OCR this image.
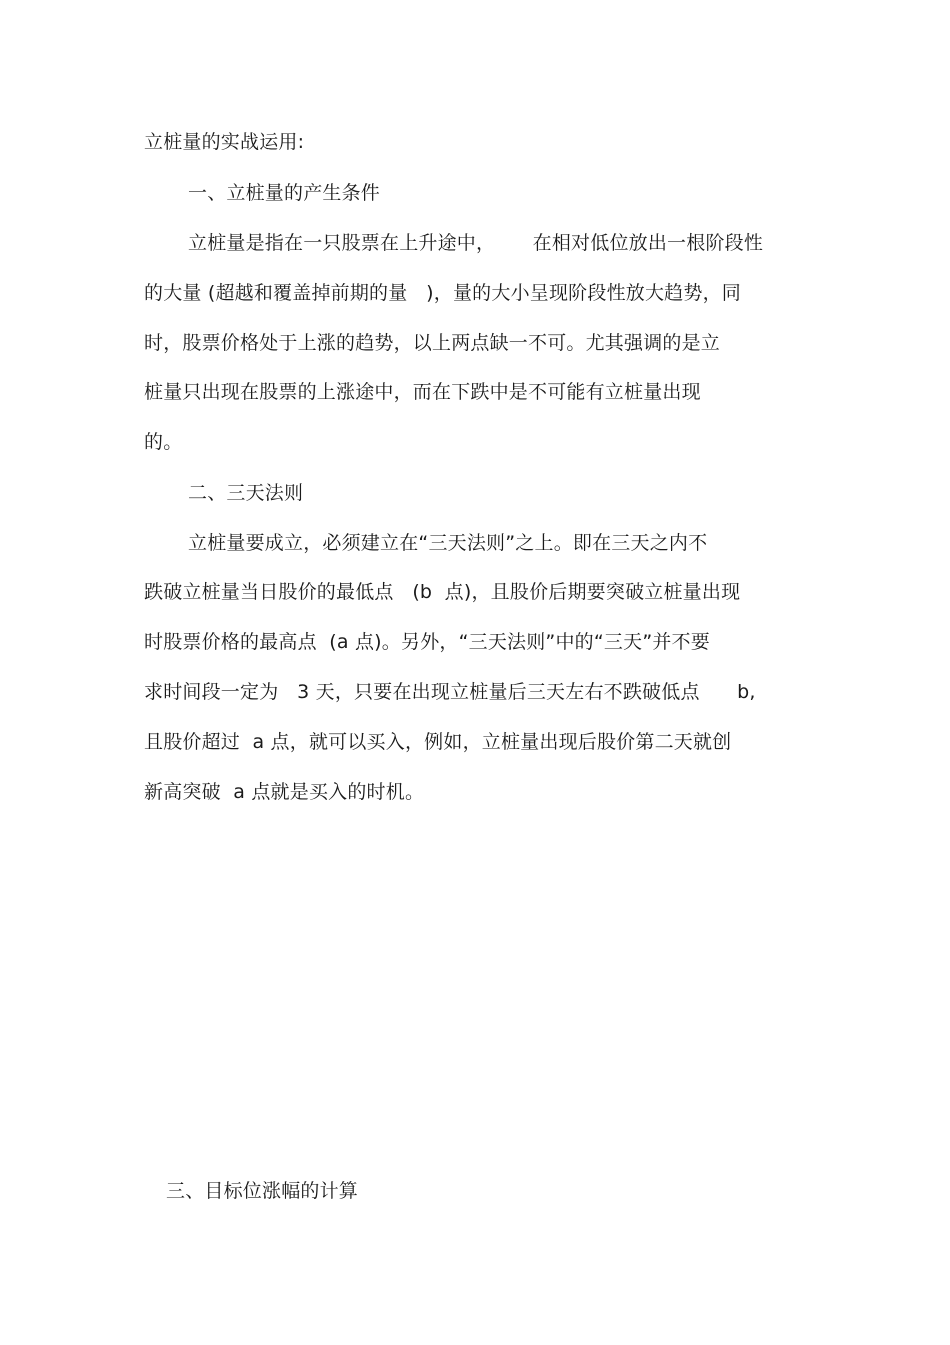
立桩量的实战运用:
一、立桩量的产生条件
立桩量是指在一只股票在上升途中，      在相对低位放出一根阶段性
的大量 (超越和覆盖掉前期的量   )，量的大小呈现阶段性放大趋势，同
时，股票价格处于上涨的趋势，以上两点缺一不可。尤其强调的是立
桩量只出现在股票的上涨途中，而在下跌中是不可能有立桩量出现
的。
二、三天法则
立桩量要成立，必须建立在“三天法则”之上。即在三天之内不
跌破立桩量当日股价的最低点   (b  点)，且股价后期要突破立桩量出现
时股票价格的最高点  (a 点)。另外，“三天法则”中的“三天”并不要
求时间段一定为   3 天，只要在出现立桩量后三天左右不跌破低点      b,
且股价超过  a 点，就可以买入，例如，立桩量出现后股价第二天就创
新高突破  a 点就是买入的时机。
三、目标位涨幅的计算
